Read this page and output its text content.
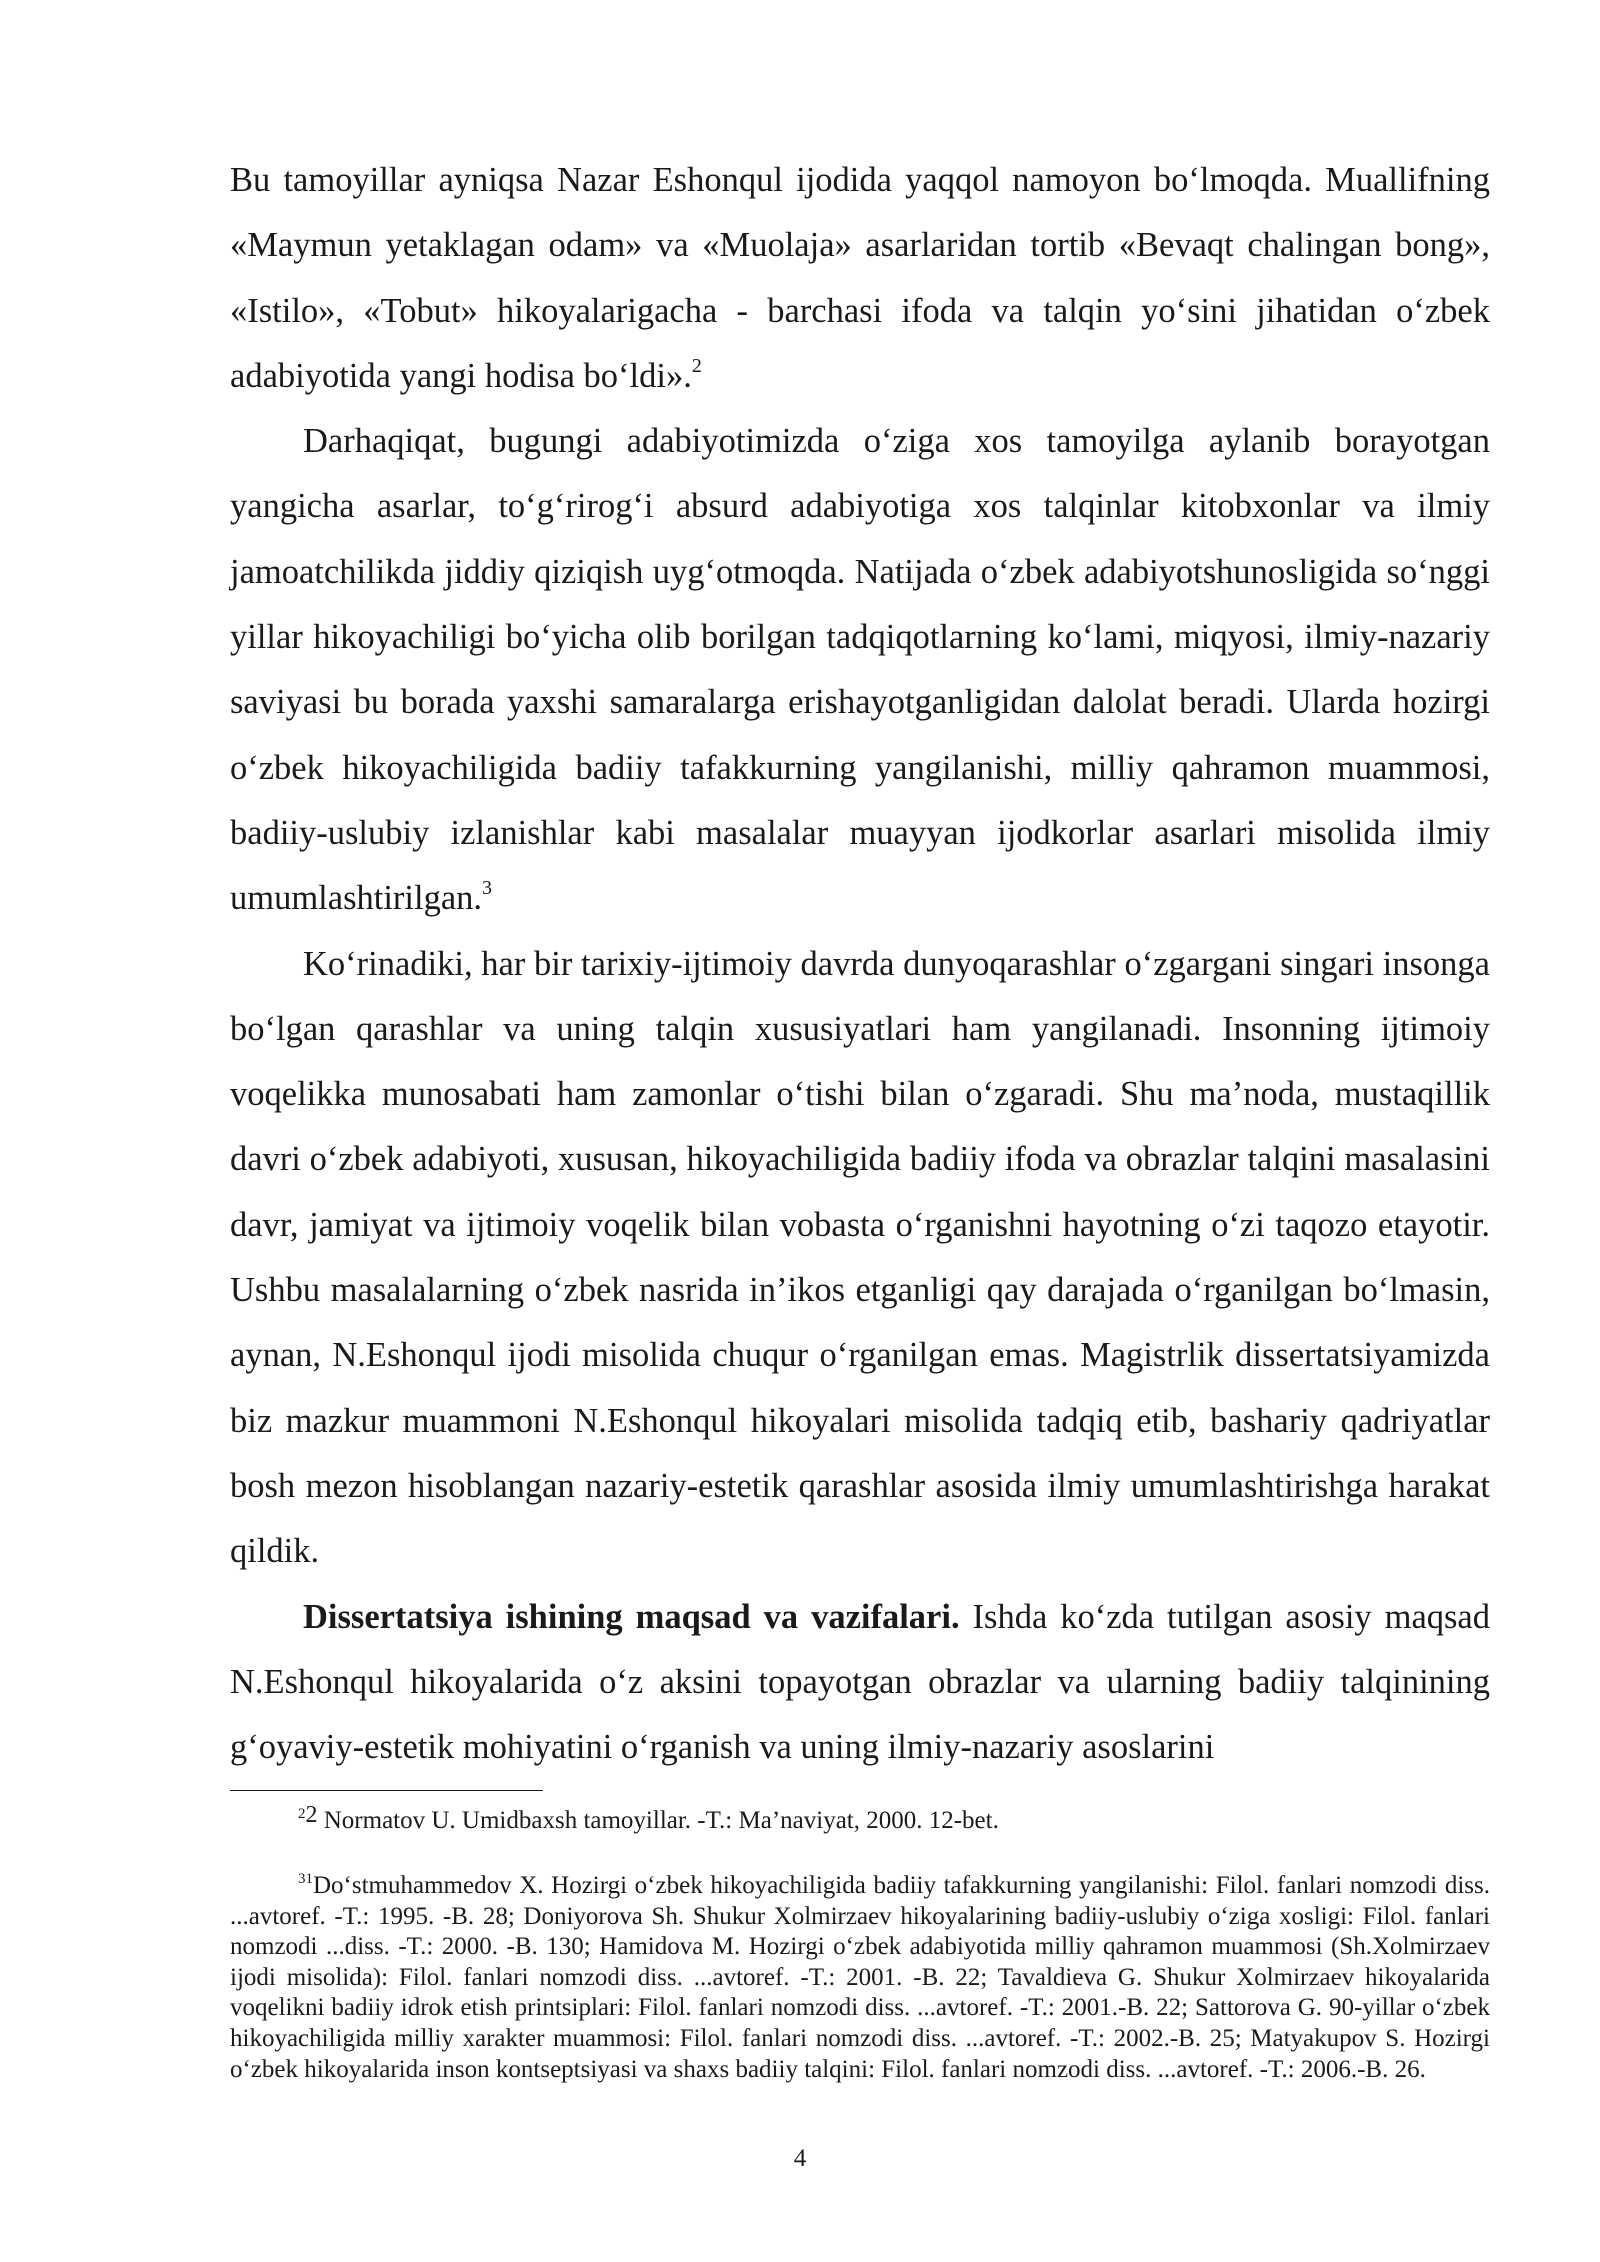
Bu tamoyillar ayniqsa Nazar Eshonqul ijodida yaqqol namoyon bo‘lmoqda. Muallifning «Maymun yetaklagan odam» va «Muolaja» asarlaridan tortib «Bevaqt chalingan bong», «Istilo», «Tobut» hikoyalarigacha - barchasi ifoda va talqin yo‘sini jihatidan o‘zbek adabiyotida yangi hodisa bo‘ldi».$^2$

Darhaqiqat, bugungi adabiyotimizda o‘ziga xos tamoyilga aylanib borayotgan yangicha asarlar, to‘g‘rirog‘i absurd adabiyotiga xos talqinlar kitobxonlar va ilmiy jamoatchilikda jiddiy qiziqish uyg‘otmoqda. Natijada o‘zbek adabiyotshunosligida so‘nggi yillar hikoyachiligi bo‘yicha olib borilgan tadqiqotlarning ko‘lami, miqyosi, ilmiy-nazariy saviyasi bu borada yaxshi samaralarga erishayotganligidan dalolat beradi. Ularda hozirgi o‘zbek hikoyachiligida badiiy tafakkurning yangilanishi, milliy qahramon muammosi, badiiy-uslubiy izlanishlar kabi masalalar muayyan ijodkorlar asarlari misolida ilmiy umumlashtirilgan.$^3$

Ko‘rinadiki, har bir tarixiy-ijtimoiy davrda dunyoqarashlar o‘zgargani singari insonga bo‘lgan qarashlar va uning talqin xususiyatlari ham yangilanadi. Insonning ijtimoiy voqelikka munosabati ham zamonlar o‘tishi bilan o‘zgaradi. Shu ma’noda, mustaqillik davri o‘zbek adabiyoti, xususan, hikoyachiligida badiiy ifoda va obrazlar talqini masalasini davr, jamiyat va ijtimoiy voqelik bilan vobasta o‘rganishni hayotning o‘zi taqozo etayotir. Ushbu masalalarning o‘zbek nasrida in’ikos etganligi qay darajada o‘rganilgan bo‘lmasin, aynan, N.Eshonqul ijodi misolida chuqur o‘rganilgan emas. Magistrlik dissertatsiyamizda biz mazkur muammoni N.Eshonqul hikoyalari misolida tadqiq etib, bashariy qadriyatlar bosh mezon hisoblangan nazariy-estetik qarashlar asosida ilmiy umumlashtirishga harakat qildik.

Dissertatsiya ishining maqsad va vazifalari. Ishda ko‘zda tutilgan asosiy maqsad N.Eshonqul hikoyalarida o‘z aksini topayotgan obrazlar va ularning badiiy talqinining g‘oyaviy-estetik mohiyatini o‘rganish va uning ilmiy-nazariy asoslarini

$^{22}$ Normatov U. Umidbaxsh tamoyillar. -T.: Ma’naviyat, 2000. 12-bet.

$^{31}$Do‘stmuhammedov X. Hozirgi o‘zbek hikoyachiligida badiiy tafakkurning yangilanishi: Filol. fanlari nomzodi diss. ...avtoref. -T.: 1995. -B. 28; Doniyorova Sh. Shukur Xolmirzaev hikoyalarining badiiy-uslubiy o‘ziga xosligi: Filol. fanlari nomzodi ...diss. -T.: 2000. -B. 130; Hamidova M. Hozirgi o‘zbek adabiyotida milliy qahramon muammosi (Sh.Xolmirzaev ijodi misolida): Filol. fanlari nomzodi diss. ...avtoref. -T.: 2001. -B. 22; Tavaldieva G. Shukur Xolmirzaev hikoyalarida voqelikni badiiy idrok etish printsiplari: Filol. fanlari nomzodi diss. ...avtoref. -T.: 2001.-B. 22; Sattorova G. 90-yillar o‘zbek hikoyachiligida milliy xarakter muammosi: Filol. fanlari nomzodi diss. ...avtoref. -T.: 2002.-B. 25; Matyakupov S. Hozirgi o‘zbek hikoyalarida inson kontseptsiyasi va shaxs badiiy talqini: Filol. fanlari nomzodi diss. ...avtoref. -T.: 2006.-B. 26.

4
